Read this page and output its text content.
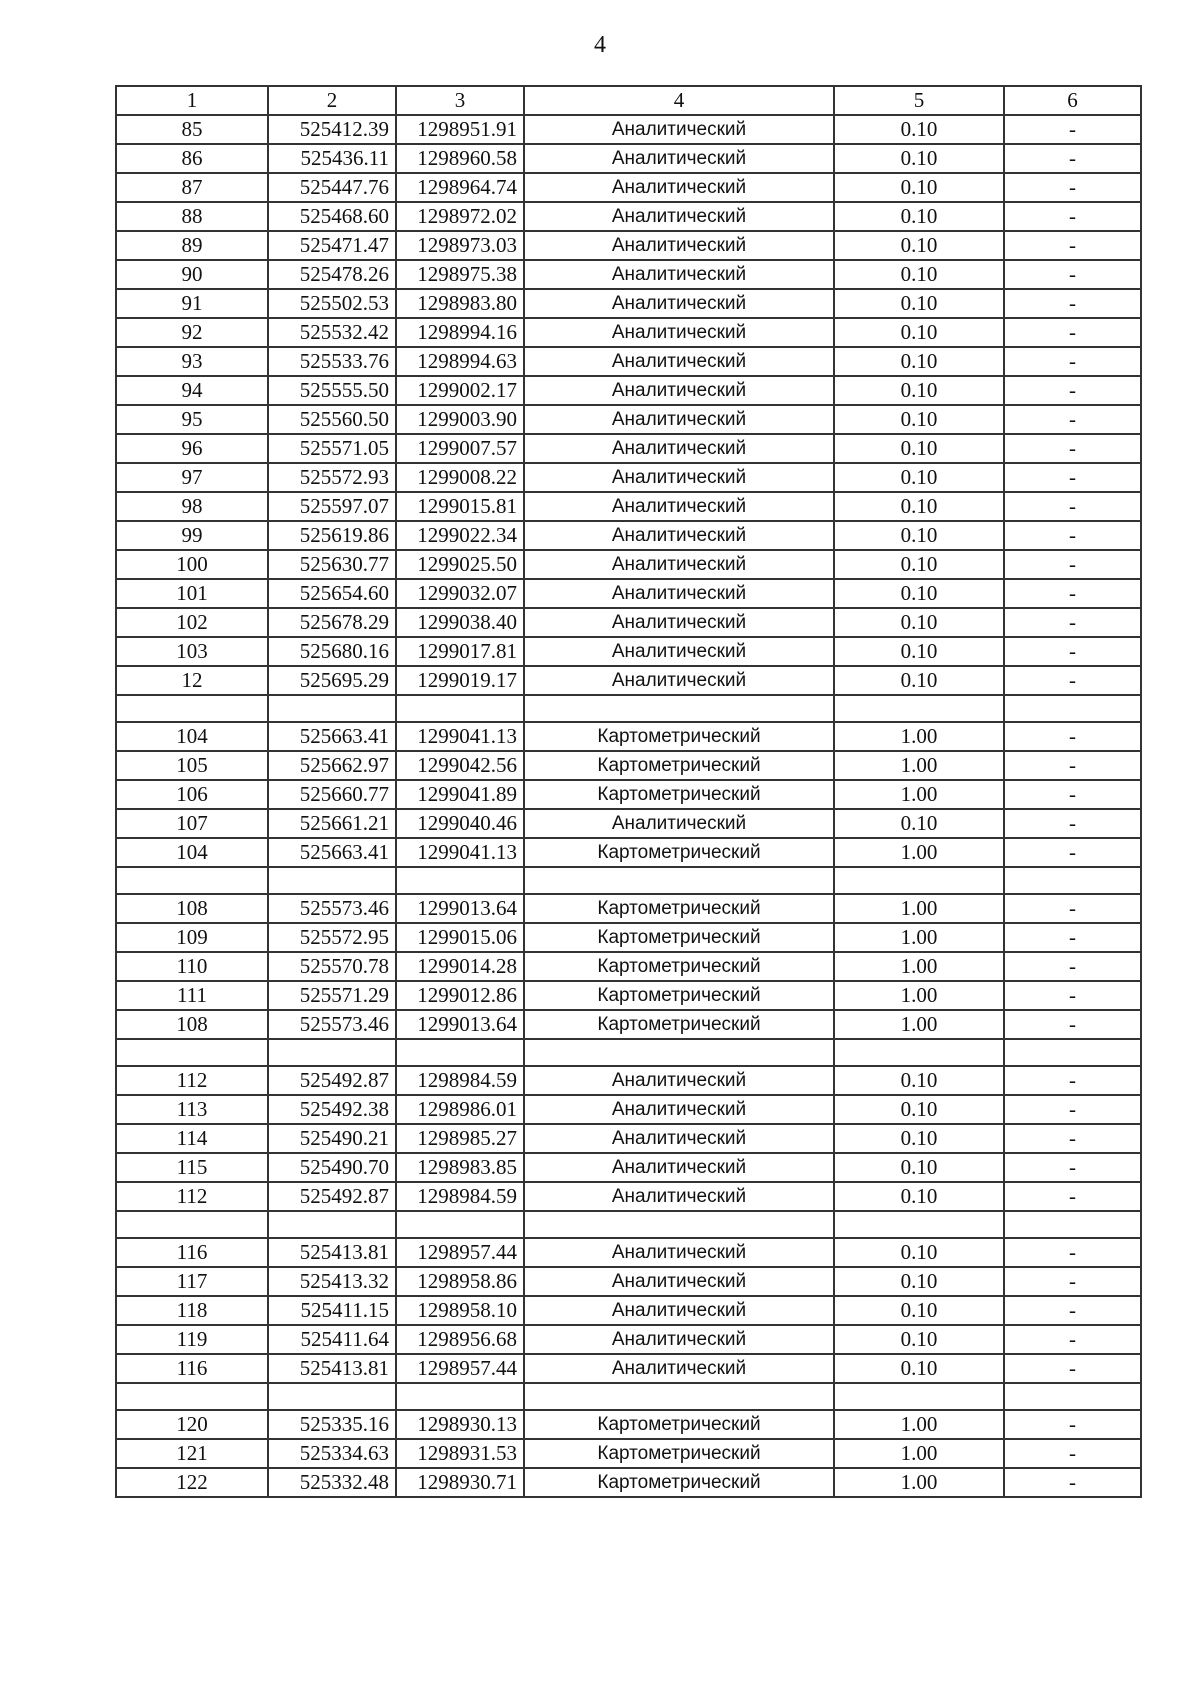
4
1	2	3	4	5	6
85	525412.39	1298951.91	Аналитический	0.10	-
86	525436.11	1298960.58	Аналитический	0.10	-
87	525447.76	1298964.74	Аналитический	0.10	-
88	525468.60	1298972.02	Аналитический	0.10	-
89	525471.47	1298973.03	Аналитический	0.10	-
90	525478.26	1298975.38	Аналитический	0.10	-
91	525502.53	1298983.80	Аналитический	0.10	-
92	525532.42	1298994.16	Аналитический	0.10	-
93	525533.76	1298994.63	Аналитический	0.10	-
94	525555.50	1299002.17	Аналитический	0.10	-
95	525560.50	1299003.90	Аналитический	0.10	-
96	525571.05	1299007.57	Аналитический	0.10	-
97	525572.93	1299008.22	Аналитический	0.10	-
98	525597.07	1299015.81	Аналитический	0.10	-
99	525619.86	1299022.34	Аналитический	0.10	-
100	525630.77	1299025.50	Аналитический	0.10	-
101	525654.60	1299032.07	Аналитический	0.10	-
102	525678.29	1299038.40	Аналитический	0.10	-
103	525680.16	1299017.81	Аналитический	0.10	-
12	525695.29	1299019.17	Аналитический	0.10	-

104	525663.41	1299041.13	Картометрический	1.00	-
105	525662.97	1299042.56	Картометрический	1.00	-
106	525660.77	1299041.89	Картометрический	1.00	-
107	525661.21	1299040.46	Аналитический	0.10	-
104	525663.41	1299041.13	Картометрический	1.00	-

108	525573.46	1299013.64	Картометрический	1.00	-
109	525572.95	1299015.06	Картометрический	1.00	-
110	525570.78	1299014.28	Картометрический	1.00	-
111	525571.29	1299012.86	Картометрический	1.00	-
108	525573.46	1299013.64	Картометрический	1.00	-

112	525492.87	1298984.59	Аналитический	0.10	-
113	525492.38	1298986.01	Аналитический	0.10	-
114	525490.21	1298985.27	Аналитический	0.10	-
115	525490.70	1298983.85	Аналитический	0.10	-
112	525492.87	1298984.59	Аналитический	0.10	-

116	525413.81	1298957.44	Аналитический	0.10	-
117	525413.32	1298958.86	Аналитический	0.10	-
118	525411.15	1298958.10	Аналитический	0.10	-
119	525411.64	1298956.68	Аналитический	0.10	-
116	525413.81	1298957.44	Аналитический	0.10	-

120	525335.16	1298930.13	Картометрический	1.00	-
121	525334.63	1298931.53	Картометрический	1.00	-
122	525332.48	1298930.71	Картометрический	1.00	-
